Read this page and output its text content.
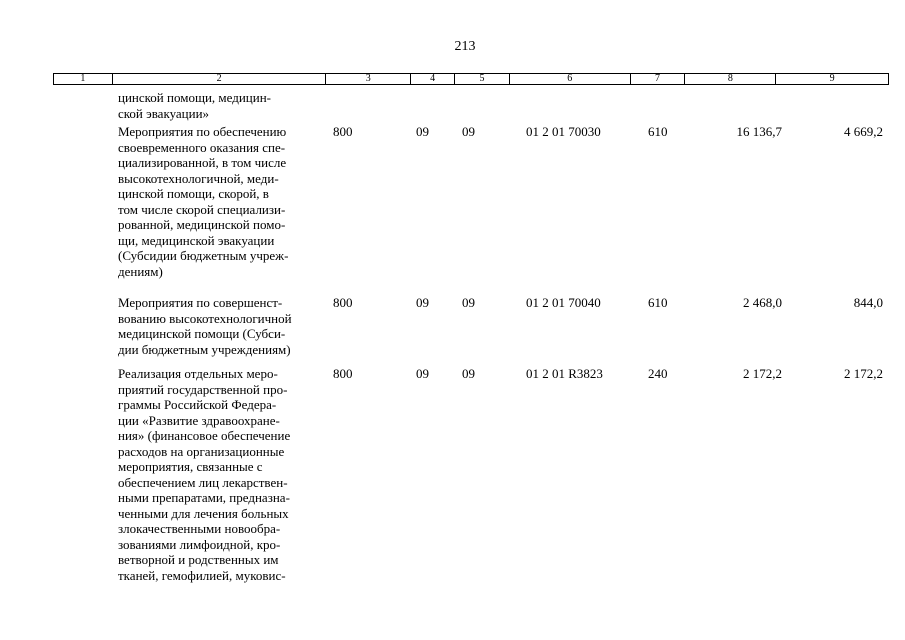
213
1	2	3	4	5	6	7	8	9
цинской помощи, медицин-
ской эвакуации»
Мероприятия по обеспечению
своевременного оказания спе-
циализированной, в том числе
высокотехнологичной, меди-
цинской помощи, скорой, в
том числе скорой специализи-
рованной, медицинской помо-
щи, медицинской эвакуации
(Субсидии бюджетным учреж-
дениям)
800	09	09	01 2 01 70030	610	16 136,7	4 669,2
Мероприятия по совершенст-
вованию высокотехнологичной
медицинской помощи (Субси-
дии бюджетным учреждениям)
800	09	09	01 2 01 70040	610	2 468,0	844,0
Реализация отдельных меро-
приятий государственной про-
граммы Российской Федера-
ции «Развитие здравоохране-
ния» (финансовое обеспечение
расходов на организационные
мероприятия, связанные с
обеспечением лиц лекарствен-
ными препаратами, предназна-
ченными для лечения больных
злокачественными новообра-
зованиями лимфоидной, кро-
ветворной и родственных им
тканей, гемофилией, муковис-
800	09	09	01 2 01 R3823	240	2 172,2	2 172,2
